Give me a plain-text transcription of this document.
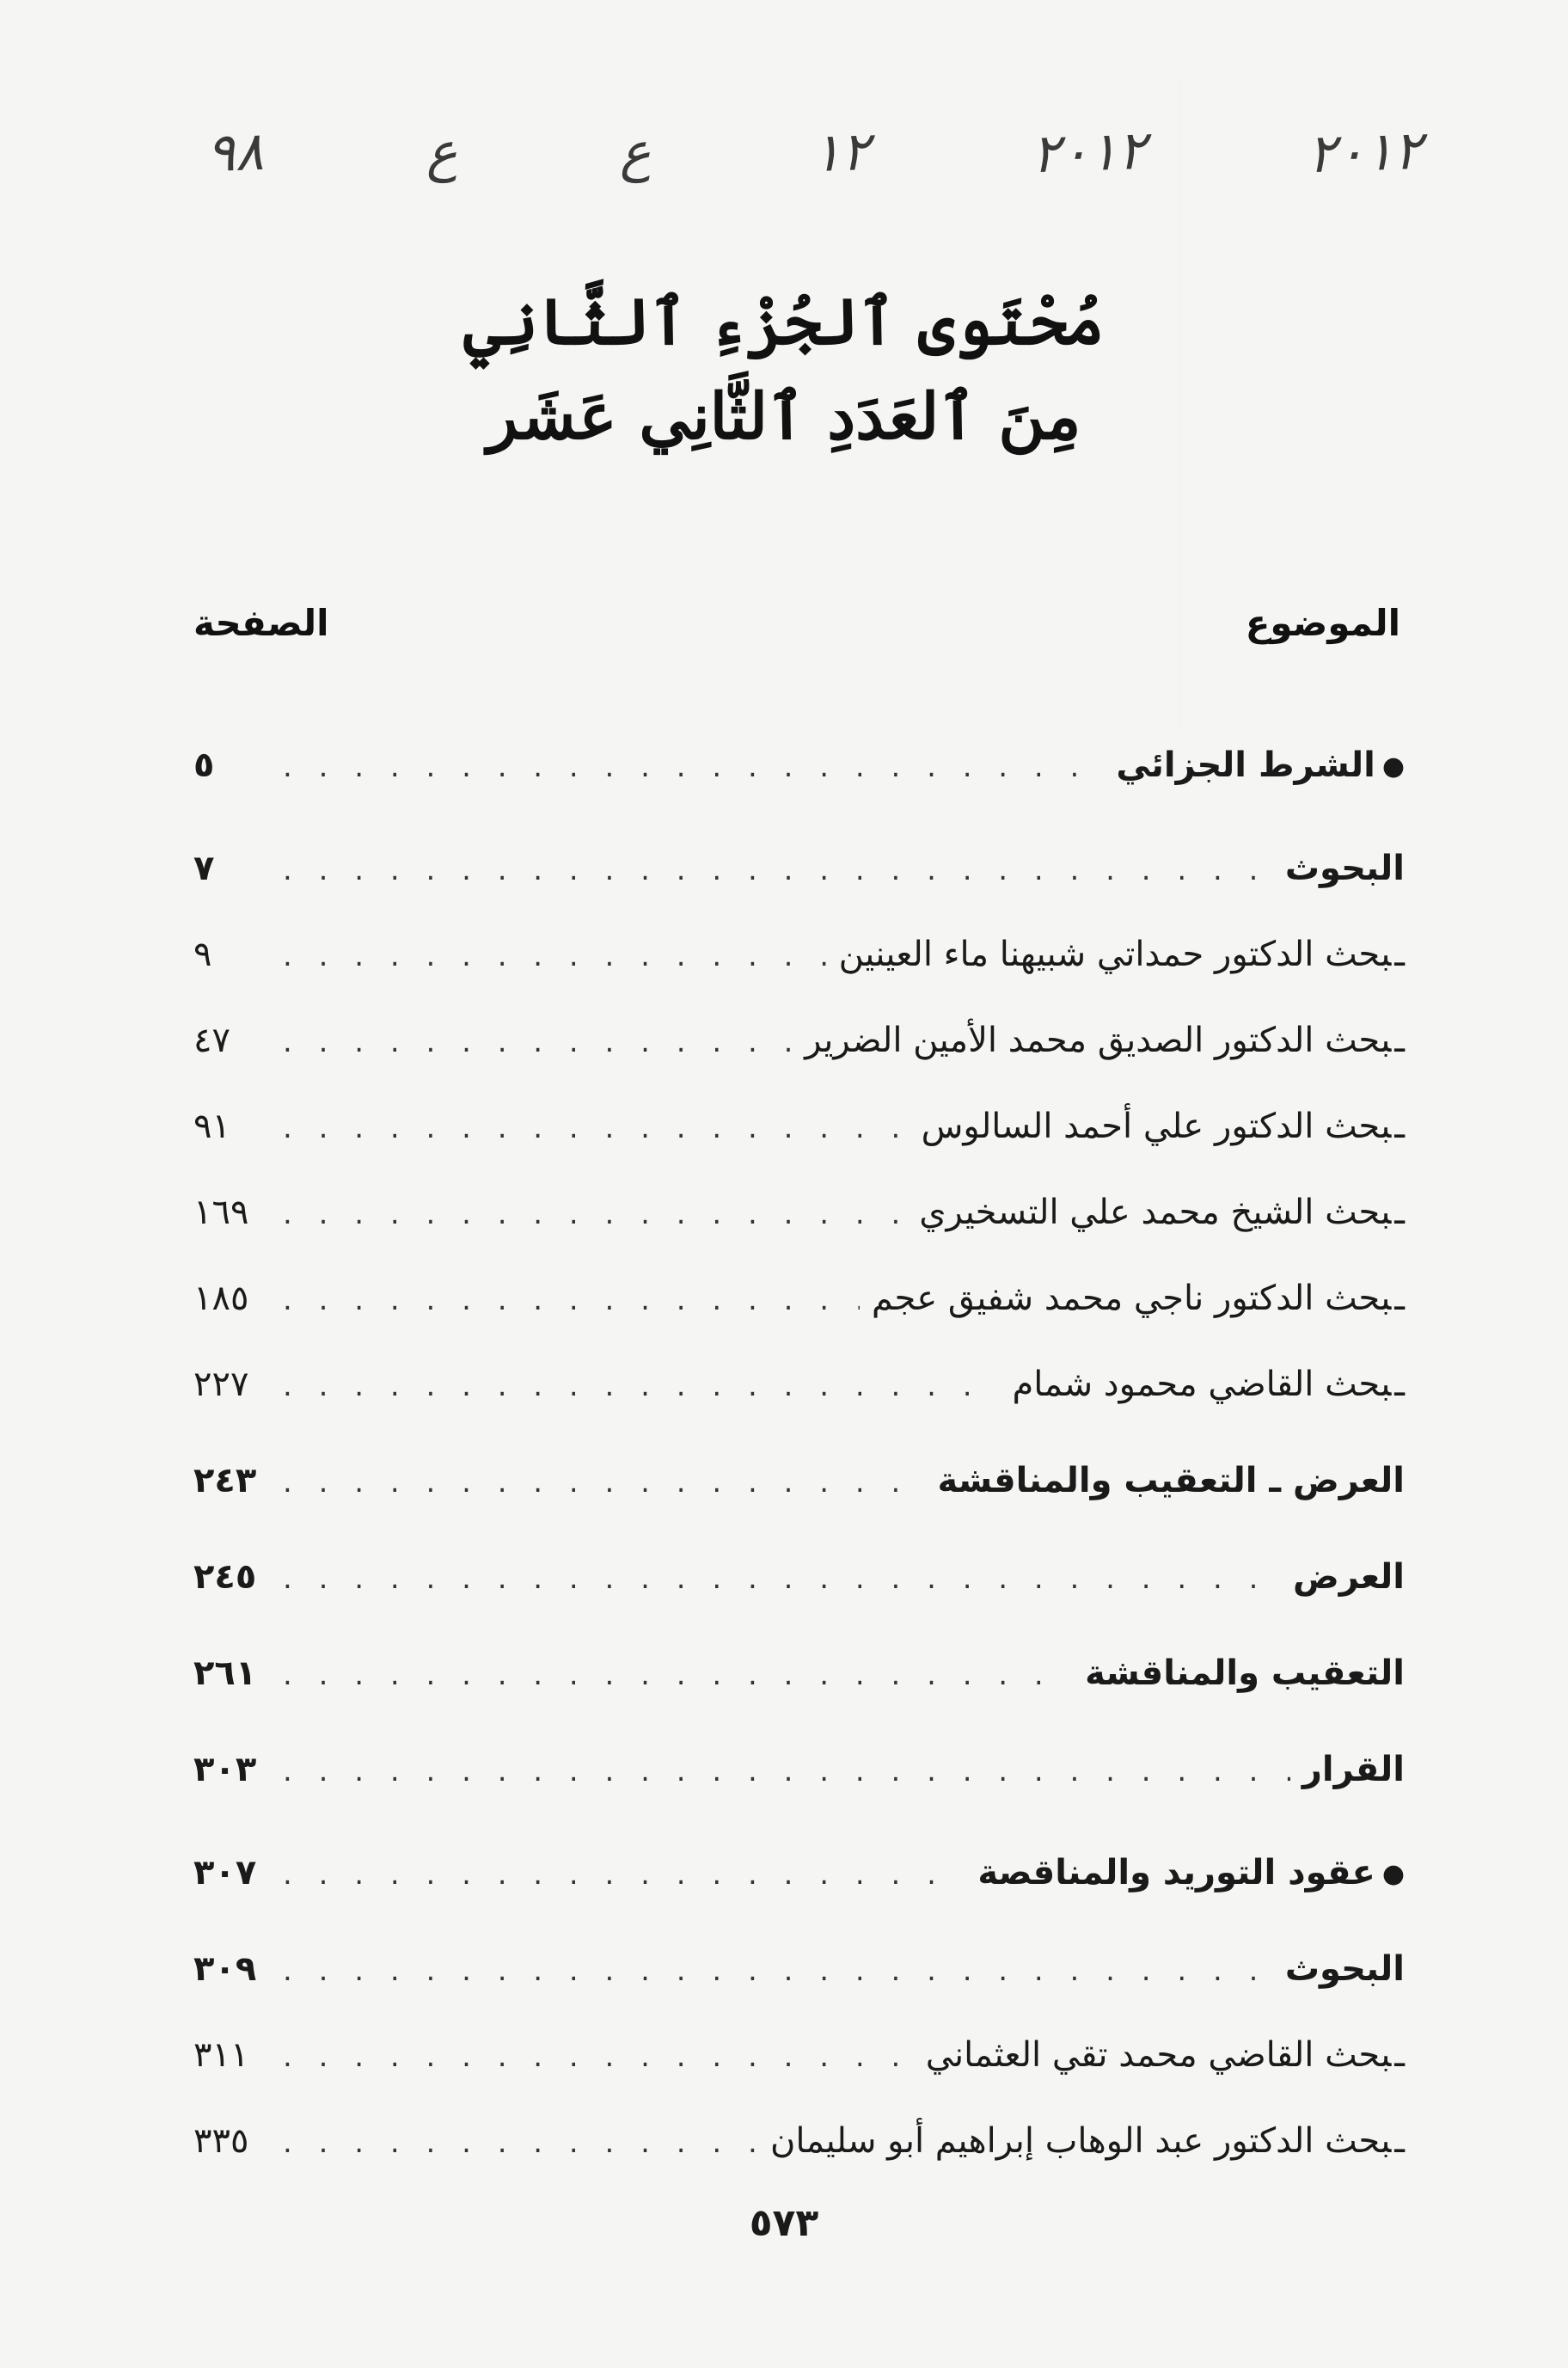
٢٠١٢
٢٠١٢
١٢
ع
ع
٩٨
مُحْتَوى ٱلجُزْءِ ٱلثَّانِي
مِنَ ٱلعَدَدِ ٱلثَّانِي عَشَر
الموضوع
الصفحة
● الشرط الجزائي
. . .
٥
البحوث
. . .
٧
ـ بحث الدكتور حمداتي شبيهنا ماء العينين
. . .
٩
ـ بحث الدكتور الصديق محمد الأمين الضرير
. . .
٤٧
ـ بحث الدكتور علي أحمد السالوس
. . .
٩١
ـ بحث الشيخ محمد علي التسخيري
. . .
١٦٩
ـ بحث الدكتور ناجي محمد شفيق عجم
. . .
١٨٥
ـ بحث القاضي محمود شمام
. . .
٢٢٧
العرض ـ التعقيب والمناقشة
. . .
٢٤٣
العرض
. . .
٢٤٥
التعقيب والمناقشة
. . .
٢٦١
القرار
. . .
٣٠٣
● عقود التوريد والمناقصة
. . .
٣٠٧
البحوث
. . .
٣٠٩
ـ بحث القاضي محمد تقي العثماني
. . .
٣١١
ـ بحث الدكتور عبد الوهاب إبراهيم أبو سليمان
. . .
٣٣٥
٥٧٣
